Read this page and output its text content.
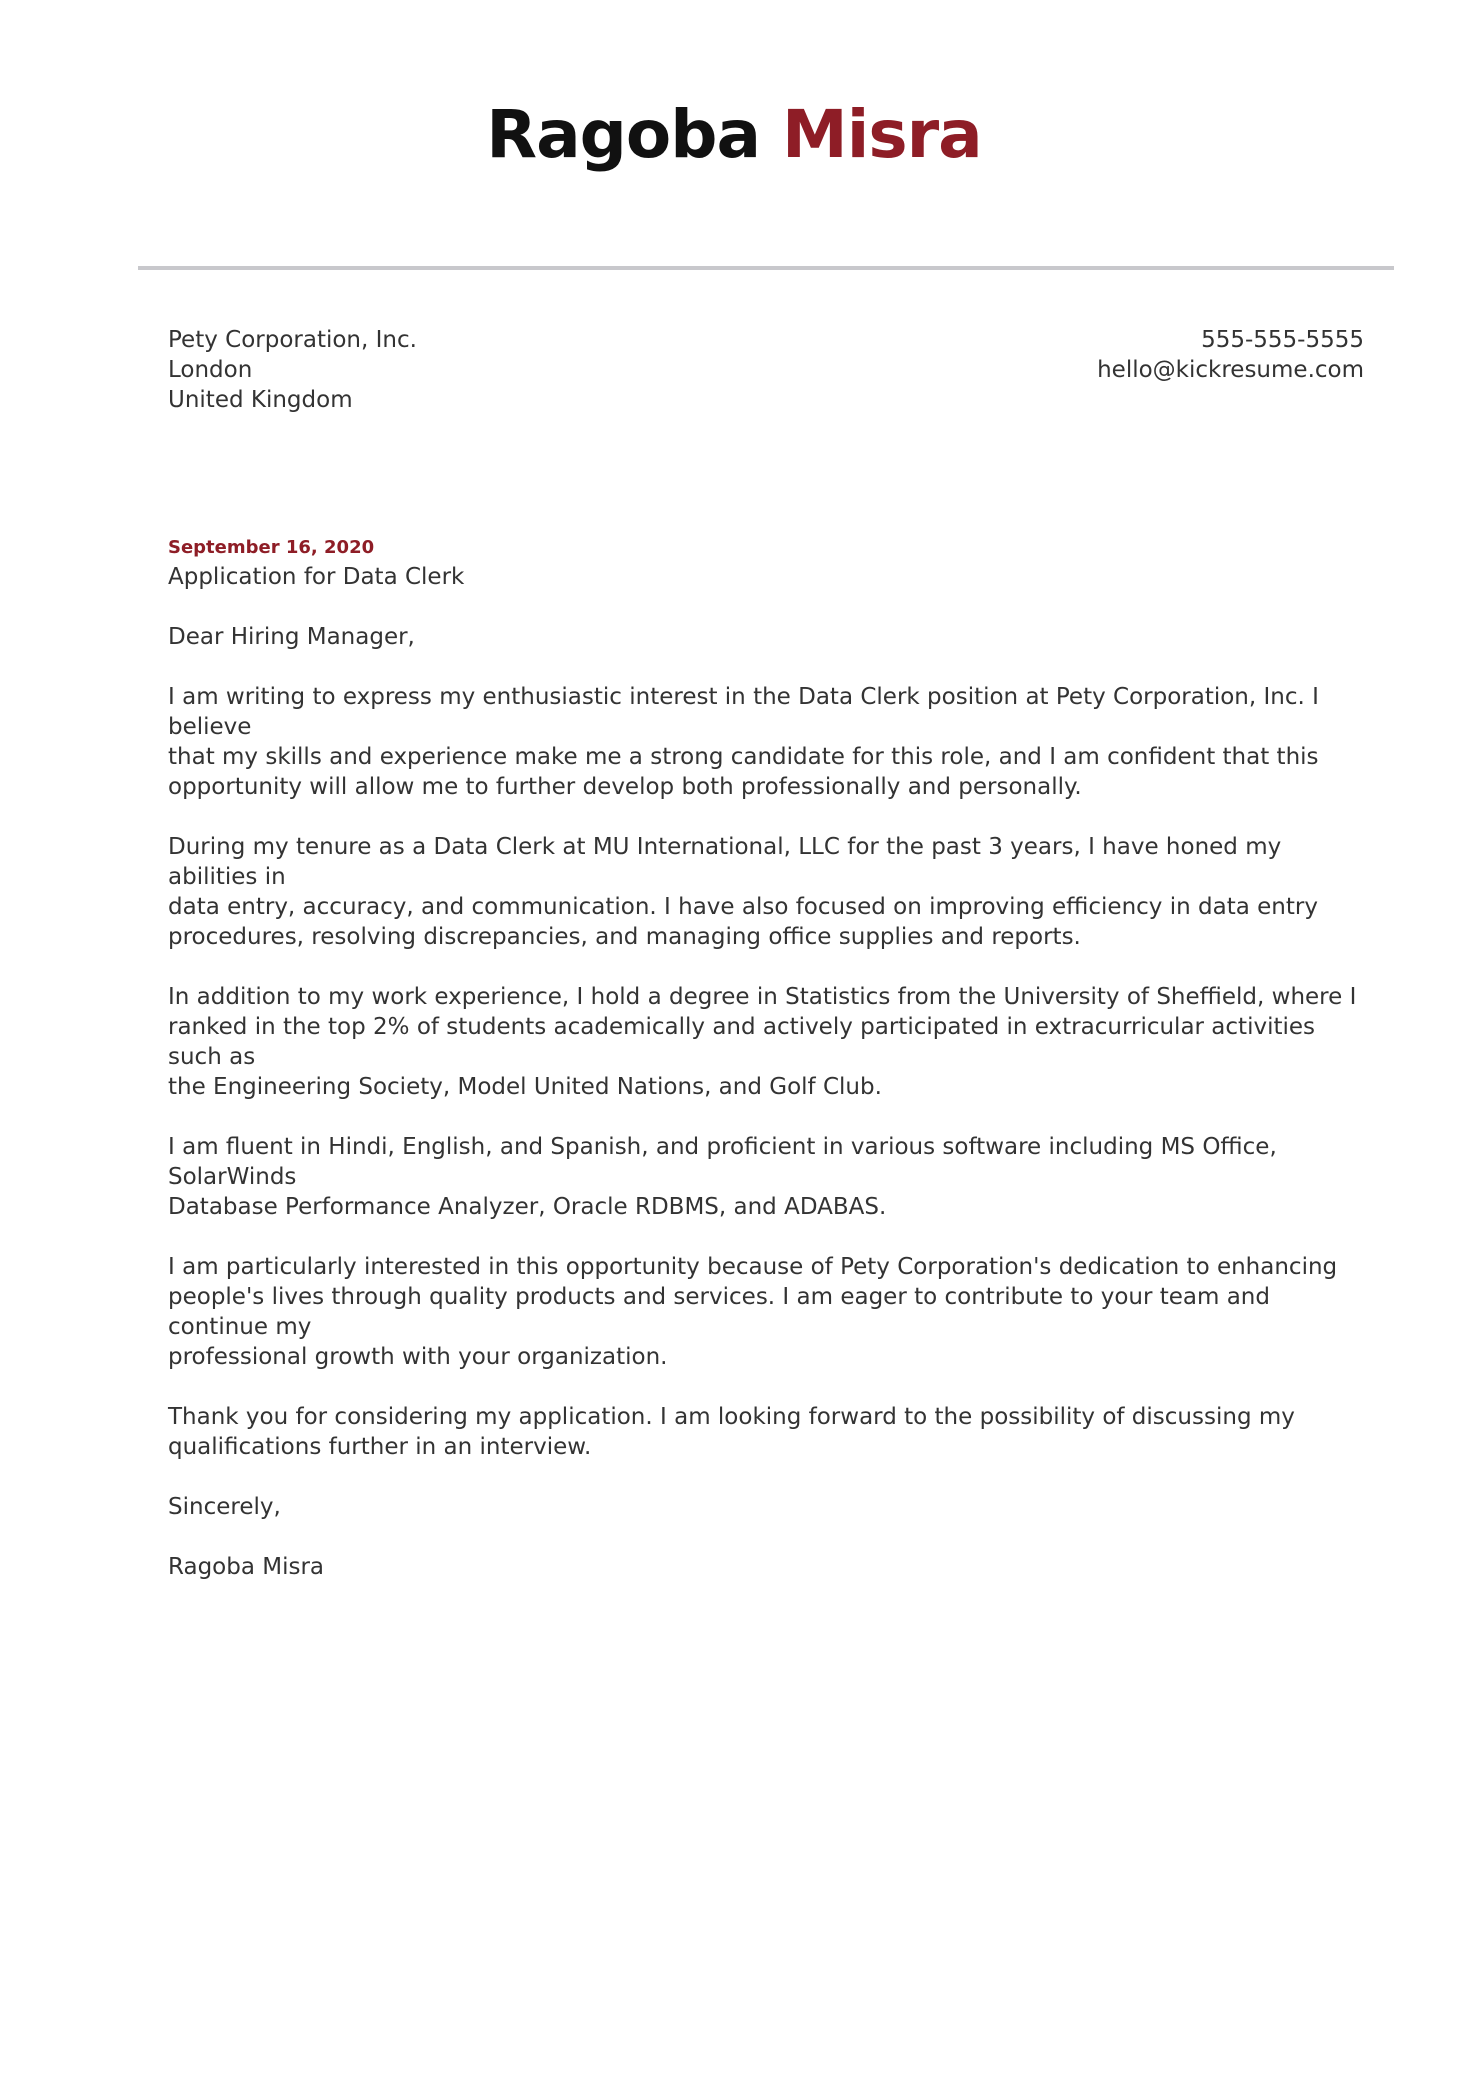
Ragoba Misra
Pety Corporation, Inc.
London
United Kingdom
555-555-5555
hello@kickresume.com
September 16, 2020
Application for Data Clerk

Dear Hiring Manager,

I am writing to express my enthusiastic interest in the Data Clerk position at Pety Corporation, Inc. I believe
that my skills and experience make me a strong candidate for this role, and I am confident that this
opportunity will allow me to further develop both professionally and personally.

During my tenure as a Data Clerk at MU International, LLC for the past 3 years, I have honed my abilities in
data entry, accuracy, and communication. I have also focused on improving efficiency in data entry
procedures, resolving discrepancies, and managing office supplies and reports.

In addition to my work experience, I hold a degree in Statistics from the University of Sheffield, where I
ranked in the top 2% of students academically and actively participated in extracurricular activities such as
the Engineering Society, Model United Nations, and Golf Club.

I am fluent in Hindi, English, and Spanish, and proficient in various software including MS Office, SolarWinds
Database Performance Analyzer, Oracle RDBMS, and ADABAS.

I am particularly interested in this opportunity because of Pety Corporation's dedication to enhancing
people's lives through quality products and services. I am eager to contribute to your team and continue my
professional growth with your organization.

Thank you for considering my application. I am looking forward to the possibility of discussing my
qualifications further in an interview.

Sincerely,

Ragoba Misra
